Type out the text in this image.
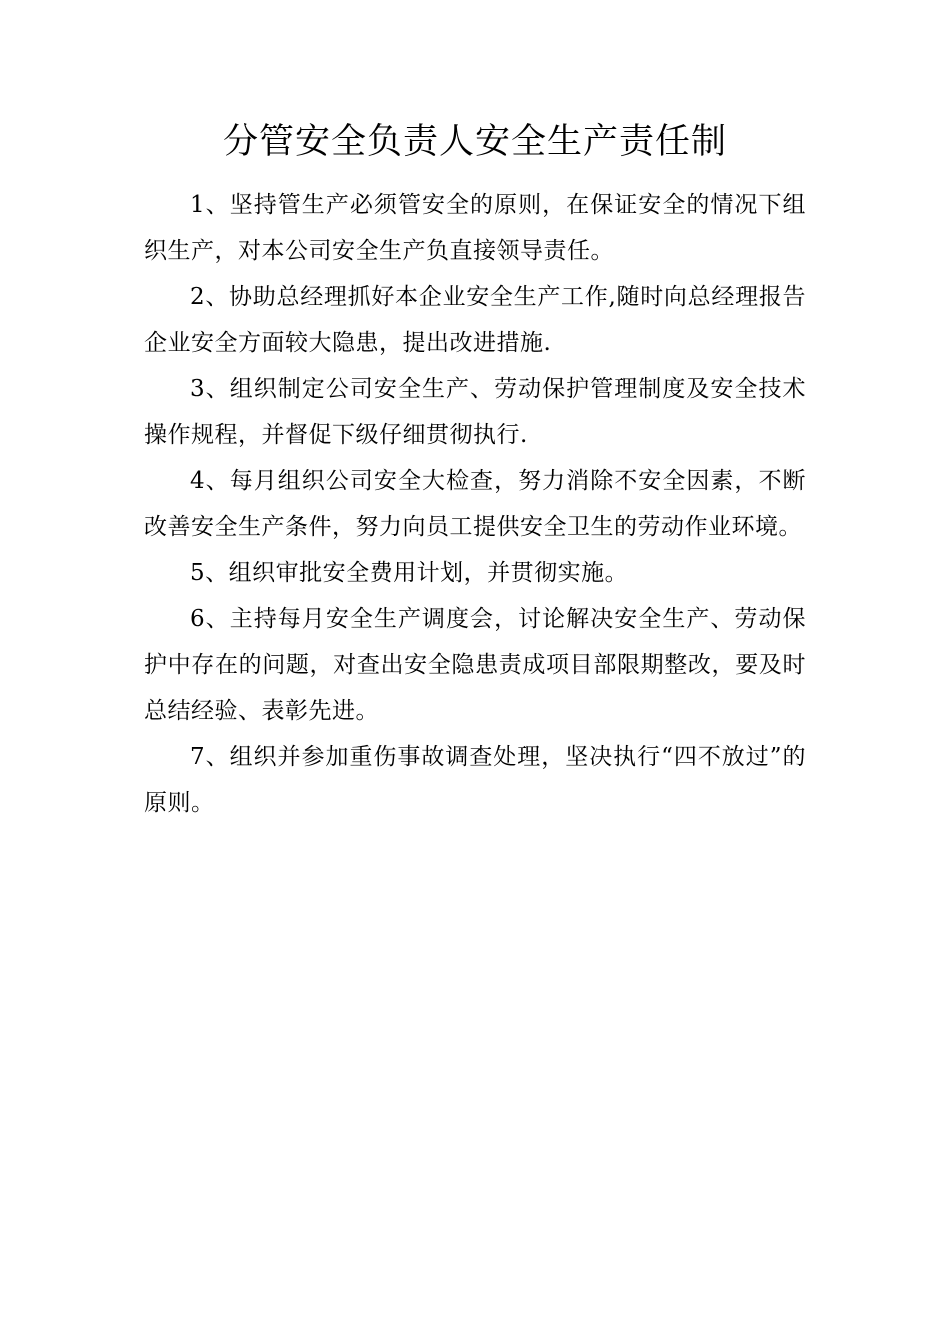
分管安全负责人安全生产责任制

1、坚持管生产必须管安全的原则，在保证安全的情况下组织生产，对本公司安全生产负直接领导责任。

2、协助总经理抓好本企业安全生产工作,随时向总经理报告企业安全方面较大隐患，提出改进措施.

3、组织制定公司安全生产、劳动保护管理制度及安全技术操作规程，并督促下级仔细贯彻执行.

4、每月组织公司安全大检查，努力消除不安全因素，不断改善安全生产条件，努力向员工提供安全卫生的劳动作业环境。

5、组织审批安全费用计划，并贯彻实施。

6、主持每月安全生产调度会，讨论解决安全生产、劳动保护中存在的问题，对查出安全隐患责成项目部限期整改，要及时总结经验、表彰先进。

7、组织并参加重伤事故调查处理，坚决执行“四不放过”的原则。
